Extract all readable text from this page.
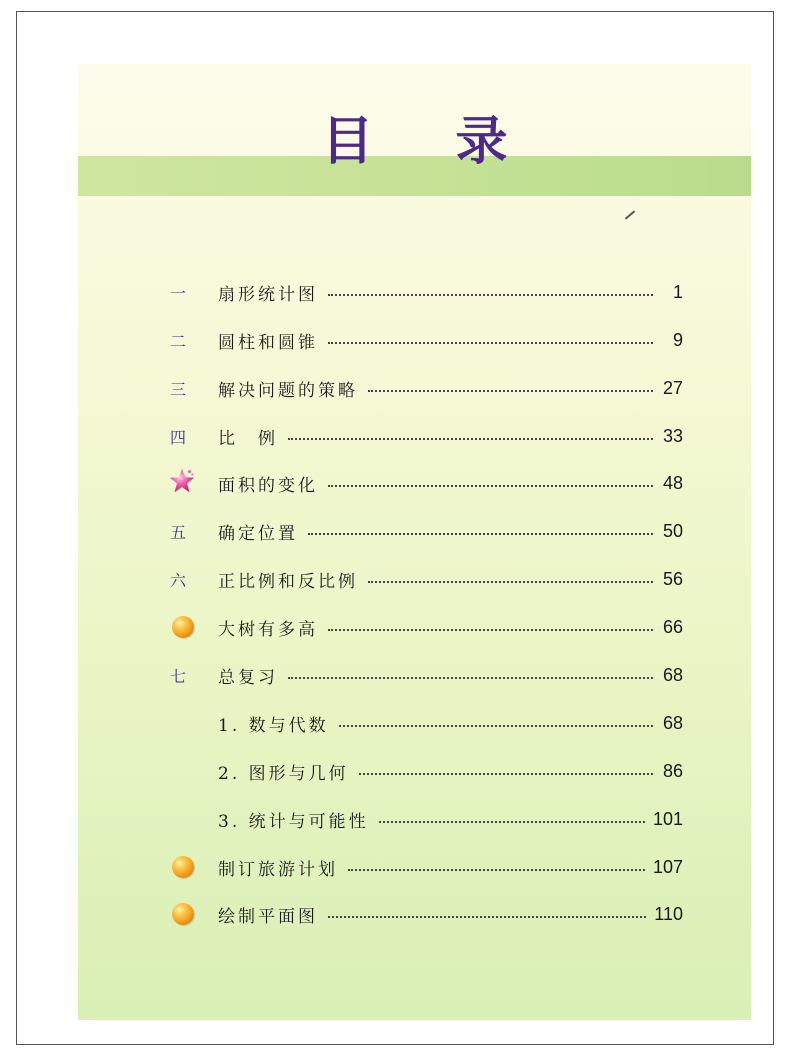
目 录
一	扇形统计图	1
二	圆柱和圆锥	9
三	解决问题的策略	27
四	比　例	33
面积的变化	48
五	确定位置	50
六	正比例和反比例	56
大树有多高	66
七	总复习	68
1. 数与代数	68
2. 图形与几何	86
3. 统计与可能性	101
制订旅游计划	107
绘制平面图	110
